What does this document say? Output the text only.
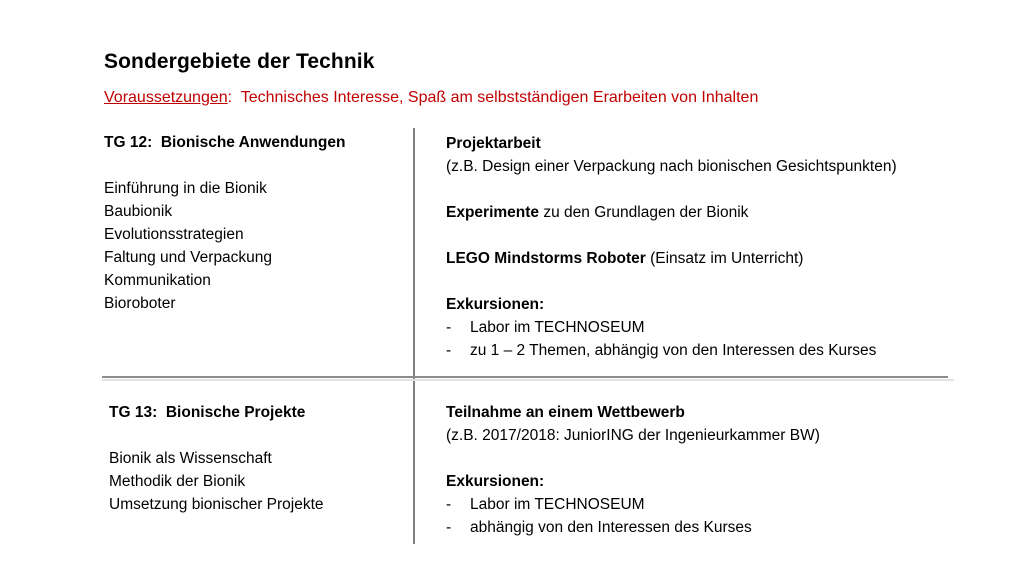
Sondergebiete der Technik
Voraussetzungen:  Technisches Interesse, Spaß am selbstständigen Erarbeiten von Inhalten
TG 12:  Bionische Anwendungen
Einführung in die Bionik
Baubionik
Evolutionsstrategien
Faltung und Verpackung
Kommunikation
Bioroboter
Projektarbeit
(z.B. Design einer Verpackung nach bionischen Gesichtspunkten)
Experimente zu den Grundlagen der Bionik
LEGO Mindstorms Roboter (Einsatz im Unterricht)
Exkursionen:
- Labor im TECHNOSEUM
- zu 1 – 2 Themen, abhängig von den Interessen des Kurses
TG 13:  Bionische Projekte
Bionik als Wissenschaft
Methodik der Bionik
Umsetzung bionischer Projekte
Teilnahme an einem Wettbewerb
(z.B. 2017/2018: JuniorING der Ingenieurkammer BW)
Exkursionen:
- Labor im TECHNOSEUM
- abhängig von den Interessen des Kurses
